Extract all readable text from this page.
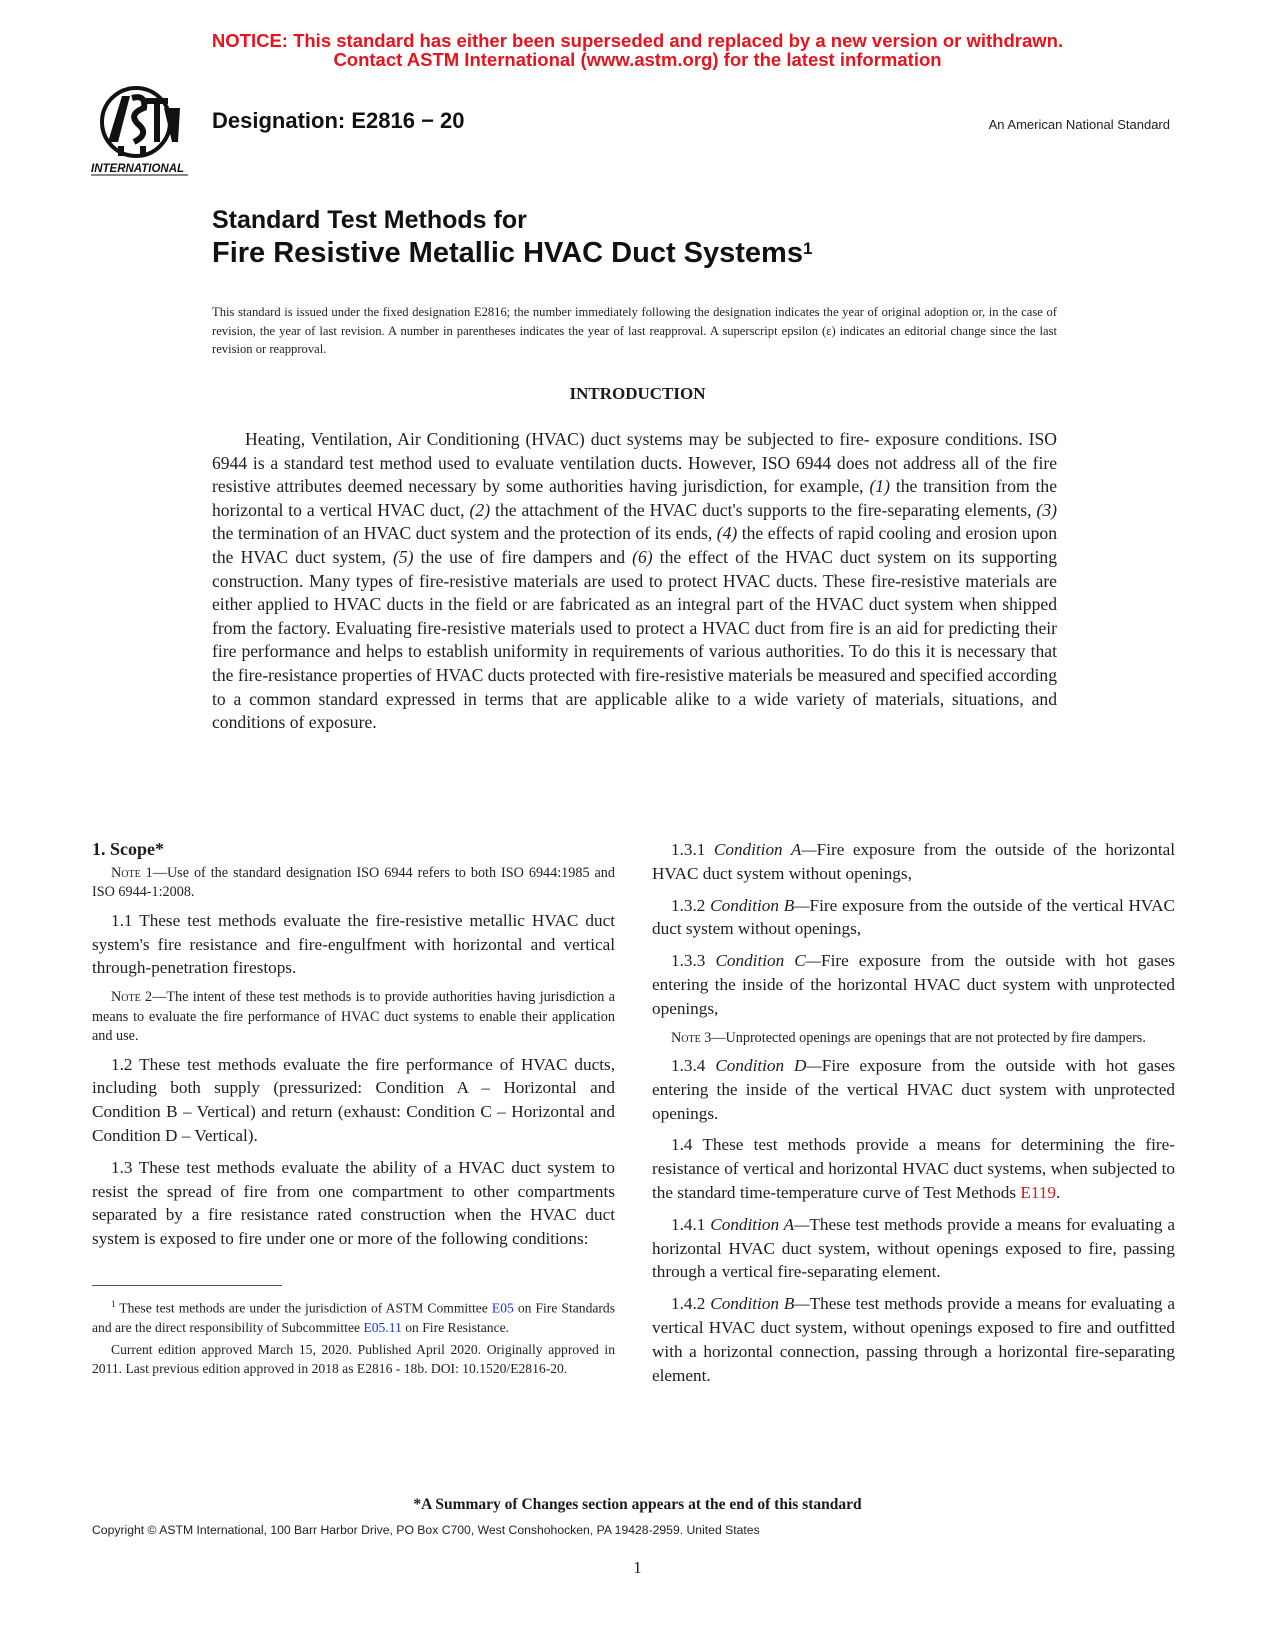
NOTICE: This standard has either been superseded and replaced by a new version or withdrawn.
Contact ASTM International (www.astm.org) for the latest information
INTERNATIONAL
Designation: E2816 − 20	An American National Standard
Standard Test Methods for
Fire Resistive Metallic HVAC Duct Systems$^1$
This standard is issued under the fixed designation E2816; the number immediately following the designation indicates the year of original adoption or, in the case of revision, the year of last revision. A number in parentheses indicates the year of last reapproval. A superscript epsilon (ε) indicates an editorial change since the last revision or reapproval.
INTRODUCTION
Heating, Ventilation, Air Conditioning (HVAC) duct systems may be subjected to fire- exposure conditions. ISO 6944 is a standard test method used to evaluate ventilation ducts. However, ISO 6944 does not address all of the fire resistive attributes deemed necessary by some authorities having jurisdiction, for example, (1) the transition from the horizontal to a vertical HVAC duct, (2) the attachment of the HVAC duct's supports to the fire-separating elements, (3) the termination of an HVAC duct system and the protection of its ends, (4) the effects of rapid cooling and erosion upon the HVAC duct system, (5) the use of fire dampers and (6) the effect of the HVAC duct system on its supporting construction. Many types of fire-resistive materials are used to protect HVAC ducts. These fire-resistive materials are either applied to HVAC ducts in the field or are fabricated as an integral part of the HVAC duct system when shipped from the factory. Evaluating fire-resistive materials used to protect a HVAC duct from fire is an aid for predicting their fire performance and helps to establish uniformity in requirements of various authorities. To do this it is necessary that the fire-resistance properties of HVAC ducts protected with fire-resistive materials be measured and specified according to a common standard expressed in terms that are applicable alike to a wide variety of materials, situations, and conditions of exposure.

1. Scope*

Note 1—Use of the standard designation ISO 6944 refers to both ISO 6944:1985 and ISO 6944-1:2008.

1.1 These test methods evaluate the fire-resistive metallic HVAC duct system's fire resistance and fire-engulfment with horizontal and vertical through-penetration firestops.

Note 2—The intent of these test methods is to provide authorities having jurisdiction a means to evaluate the fire performance of HVAC duct systems to enable their application and use.

1.2 These test methods evaluate the fire performance of HVAC ducts, including both supply (pressurized: Condition A – Horizontal and Condition B – Vertical) and return (exhaust: Condition C – Horizontal and Condition D – Vertical).

1.3 These test methods evaluate the ability of a HVAC duct system to resist the spread of fire from one compartment to other compartments separated by a fire resistance rated construction when the HVAC duct system is exposed to fire under one or more of the following conditions:

$^1$ These test methods are under the jurisdiction of ASTM Committee E05 on Fire Standards and are the direct responsibility of Subcommittee E05.11 on Fire Resistance.

Current edition approved March 15, 2020. Published April 2020. Originally approved in 2011. Last previous edition approved in 2018 as E2816 - 18b. DOI: 10.1520/E2816-20.

1.3.1 Condition A—Fire exposure from the outside of the horizontal HVAC duct system without openings,

1.3.2 Condition B—Fire exposure from the outside of the vertical HVAC duct system without openings,

1.3.3 Condition C—Fire exposure from the outside with hot gases entering the inside of the horizontal HVAC duct system with unprotected openings,

Note 3—Unprotected openings are openings that are not protected by fire dampers.

1.3.4 Condition D—Fire exposure from the outside with hot gases entering the inside of the vertical HVAC duct system with unprotected openings.

1.4 These test methods provide a means for determining the fire-resistance of vertical and horizontal HVAC duct systems, when subjected to the standard time-temperature curve of Test Methods E119.

1.4.1 Condition A—These test methods provide a means for evaluating a horizontal HVAC duct system, without openings exposed to fire, passing through a vertical fire-separating element.

1.4.2 Condition B—These test methods provide a means for evaluating a vertical HVAC duct system, without openings exposed to fire and outfitted with a horizontal connection, passing through a horizontal fire-separating element.

*A Summary of Changes section appears at the end of this standard
Copyright © ASTM International, 100 Barr Harbor Drive, PO Box C700, West Conshohocken, PA 19428-2959. United States
1
